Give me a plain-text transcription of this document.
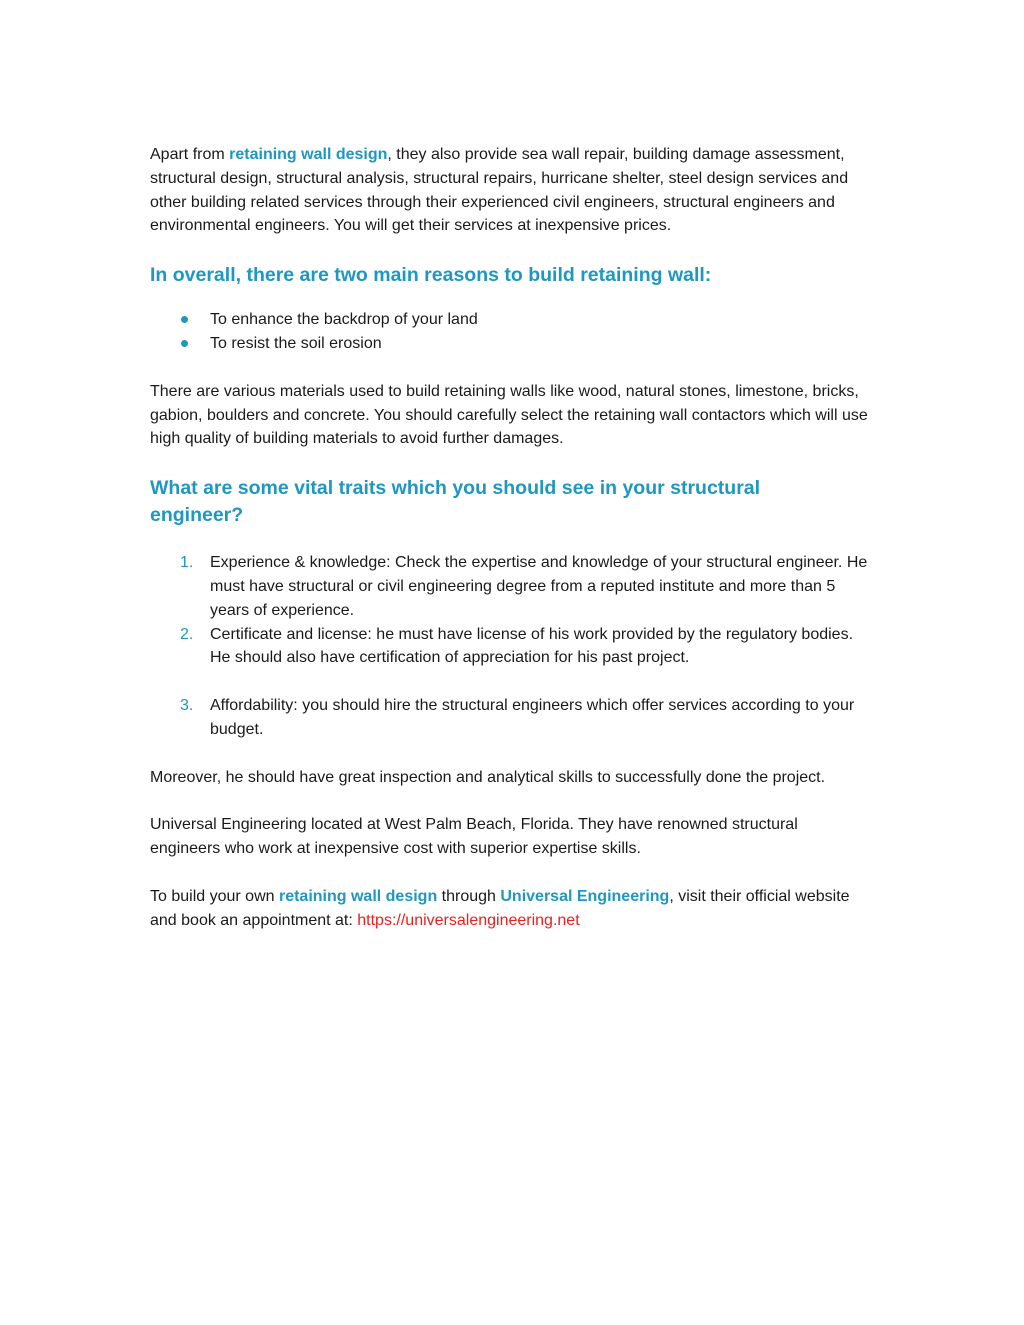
Apart from retaining wall design, they also provide sea wall repair, building damage assessment, structural design, structural analysis, structural repairs, hurricane shelter, steel design services and other building related services through their experienced civil engineers, structural engineers and environmental engineers. You will get their services at inexpensive prices.

In overall, there are two main reasons to build retaining wall:
To enhance the backdrop of your land
To resist the soil erosion

There are various materials used to build retaining walls like wood, natural stones, limestone, bricks, gabion, boulders and concrete. You should carefully select the retaining wall contactors which will use high quality of building materials to avoid further damages.

What are some vital traits which you should see in your structural engineer?
1. Experience & knowledge: Check the expertise and knowledge of your structural engineer. He must have structural or civil engineering degree from a reputed institute and more than 5 years of experience.
2. Certificate and license: he must have license of his work provided by the regulatory bodies. He should also have certification of appreciation for his past project.
3. Affordability: you should hire the structural engineers which offer services according to your budget.

Moreover, he should have great inspection and analytical skills to successfully done the project.

Universal Engineering located at West Palm Beach, Florida. They have renowned structural engineers who work at inexpensive cost with superior expertise skills.

To build your own retaining wall design through Universal Engineering, visit their official website and book an appointment at: https://universalengineering.net
